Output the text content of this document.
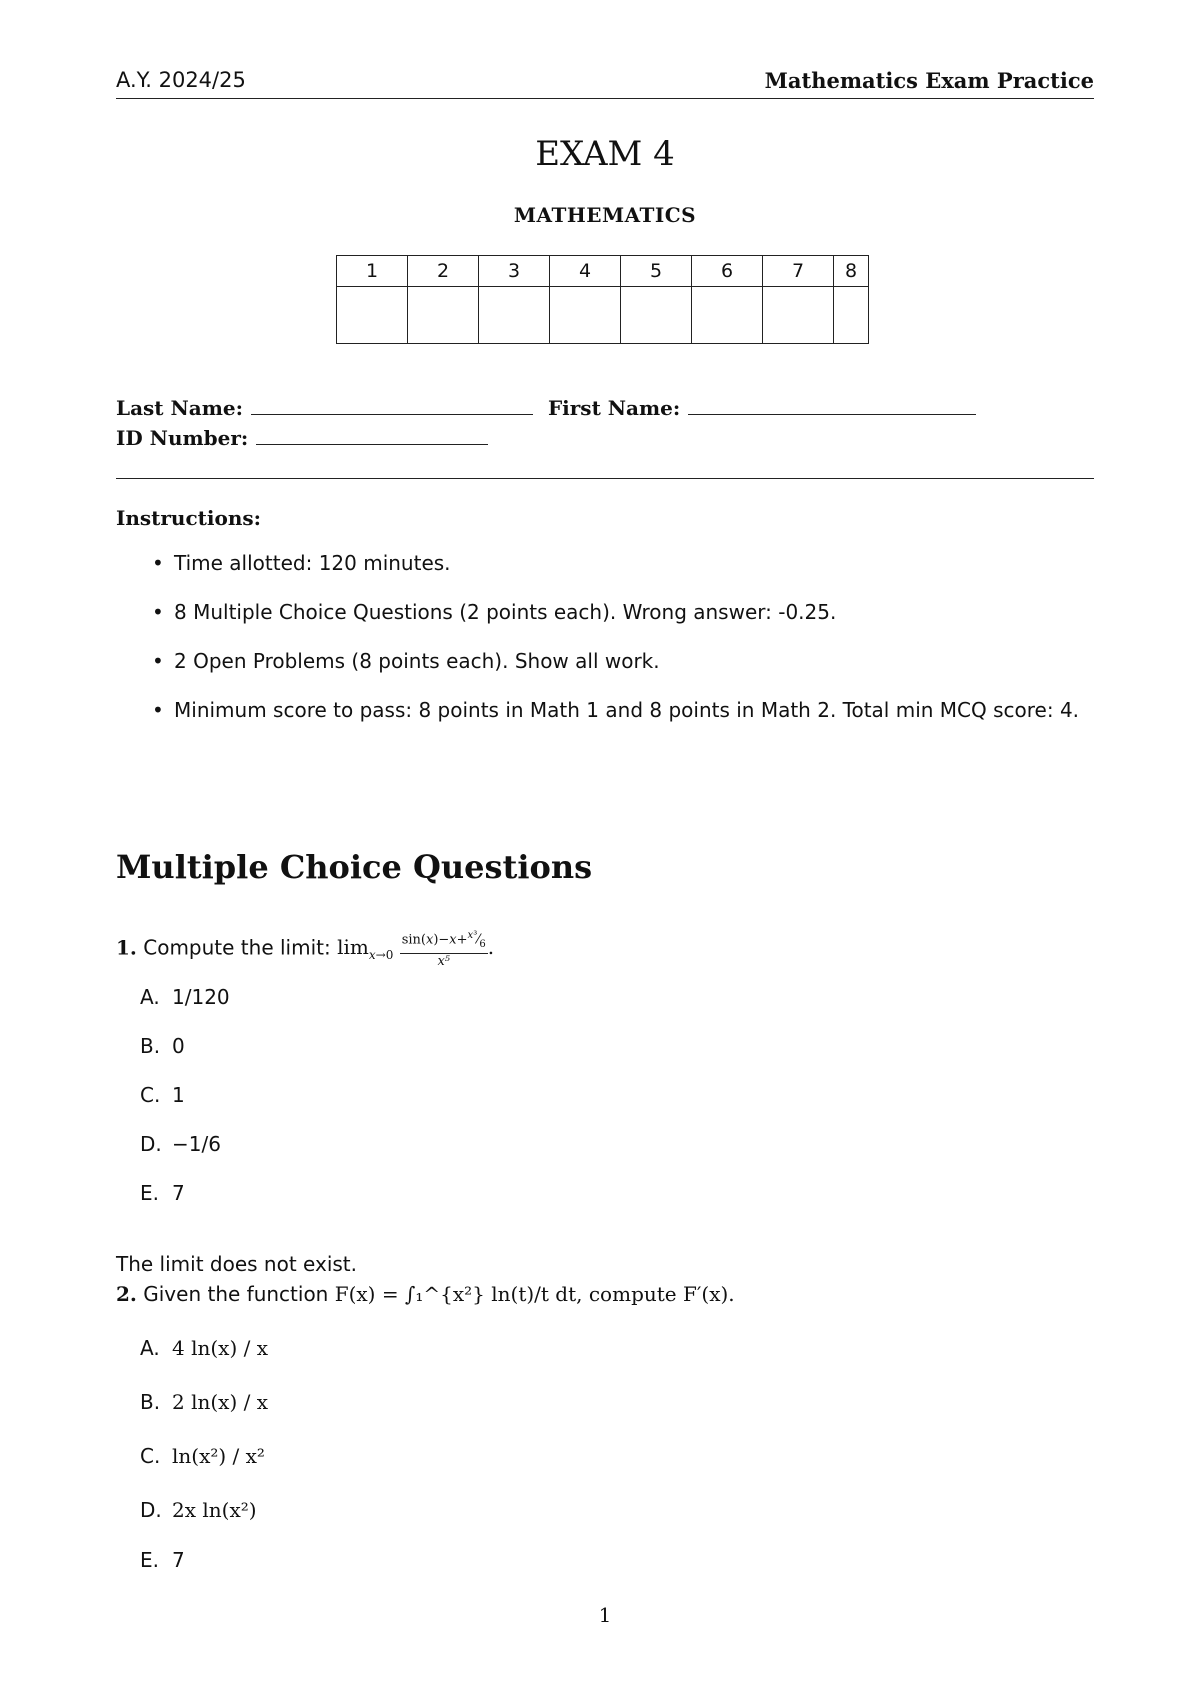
A.Y. 2024/25	Mathematics Exam Practice
EXAM 4
MATHEMATICS
1	2	3	4	5	6	7	8

Last Name:	First Name:
ID Number:
Instructions:
• Time allotted: 120 minutes.
• 8 Multiple Choice Questions (2 points each). Wrong answer: -0.25.
• 2 Open Problems (8 points each). Show all work.
• Minimum score to pass: 8 points in Math 1 and 8 points in Math 2. Total min MCQ score: 4.
Multiple Choice Questions
1. Compute the limit: $\lim_{x\to 0} \frac{\sin(x)-x+^{x^3}⁄_6}{\text{x⁵}}$ .
A. 1/120
B. 0
C. 1
D. −1/6
E. 7
The limit does not exist.
2. Given the function F(x) = ∫₁^{x²} ln(t)/t dt, compute F′(x).
A. 4 ln(x) / x
B. 2 ln(x) / x
C. ln(x²) / x²
D. 2x ln(x²)
E. 7
1
